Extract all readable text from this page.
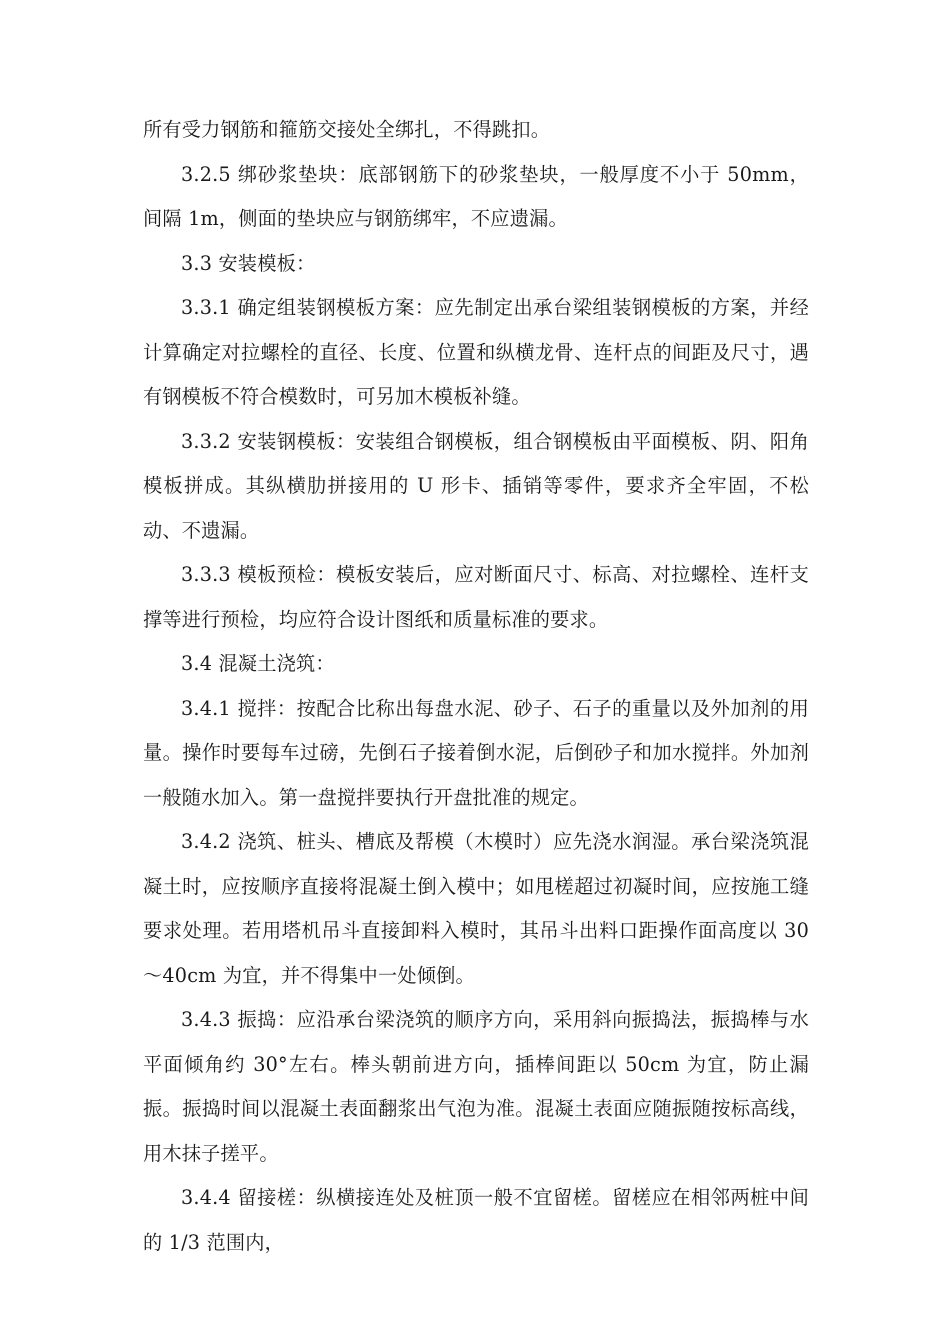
所有受力钢筋和箍筋交接处全绑扎，不得跳扣。

3.2.5 绑砂浆垫块：底部钢筋下的砂浆垫块，一般厚度不小于 50mm，间隔 1m，侧面的垫块应与钢筋绑牢，不应遗漏。

3.3 安装模板：

3.3.1 确定组装钢模板方案：应先制定出承台梁组装钢模板的方案，并经计算确定对拉螺栓的直径、长度、位置和纵横龙骨、连杆点的间距及尺寸，遇有钢模板不符合模数时，可另加木模板补缝。

3.3.2 安装钢模板：安装组合钢模板，组合钢模板由平面模板、阴、阳角模板拼成。其纵横肋拼接用的 U 形卡、插销等零件，要求齐全牢固，不松动、不遗漏。

3.3.3 模板预检：模板安装后，应对断面尺寸、标高、对拉螺栓、连杆支撑等进行预检，均应符合设计图纸和质量标准的要求。

3.4 混凝土浇筑：

3.4.1 搅拌：按配合比称出每盘水泥、砂子、石子的重量以及外加剂的用量。操作时要每车过磅，先倒石子接着倒水泥，后倒砂子和加水搅拌。外加剂一般随水加入。第一盘搅拌要执行开盘批准的规定。

3.4.2 浇筑、桩头、槽底及帮模（木模时）应先浇水润湿。承台梁浇筑混凝土时，应按顺序直接将混凝土倒入模中；如甩槎超过初凝时间，应按施工缝要求处理。若用塔机吊斗直接卸料入模时，其吊斗出料口距操作面高度以 30～40cm 为宜，并不得集中一处倾倒。

3.4.3 振捣：应沿承台梁浇筑的顺序方向，采用斜向振捣法，振捣棒与水平面倾角约 30°左右。棒头朝前进方向，插棒间距以 50cm 为宜，防止漏振。振捣时间以混凝土表面翻浆出气泡为准。混凝土表面应随振随按标高线，用木抹子搓平。

3.4.4 留接槎：纵横接连处及桩顶一般不宜留槎。留槎应在相邻两桩中间的 1/3 范围内，
